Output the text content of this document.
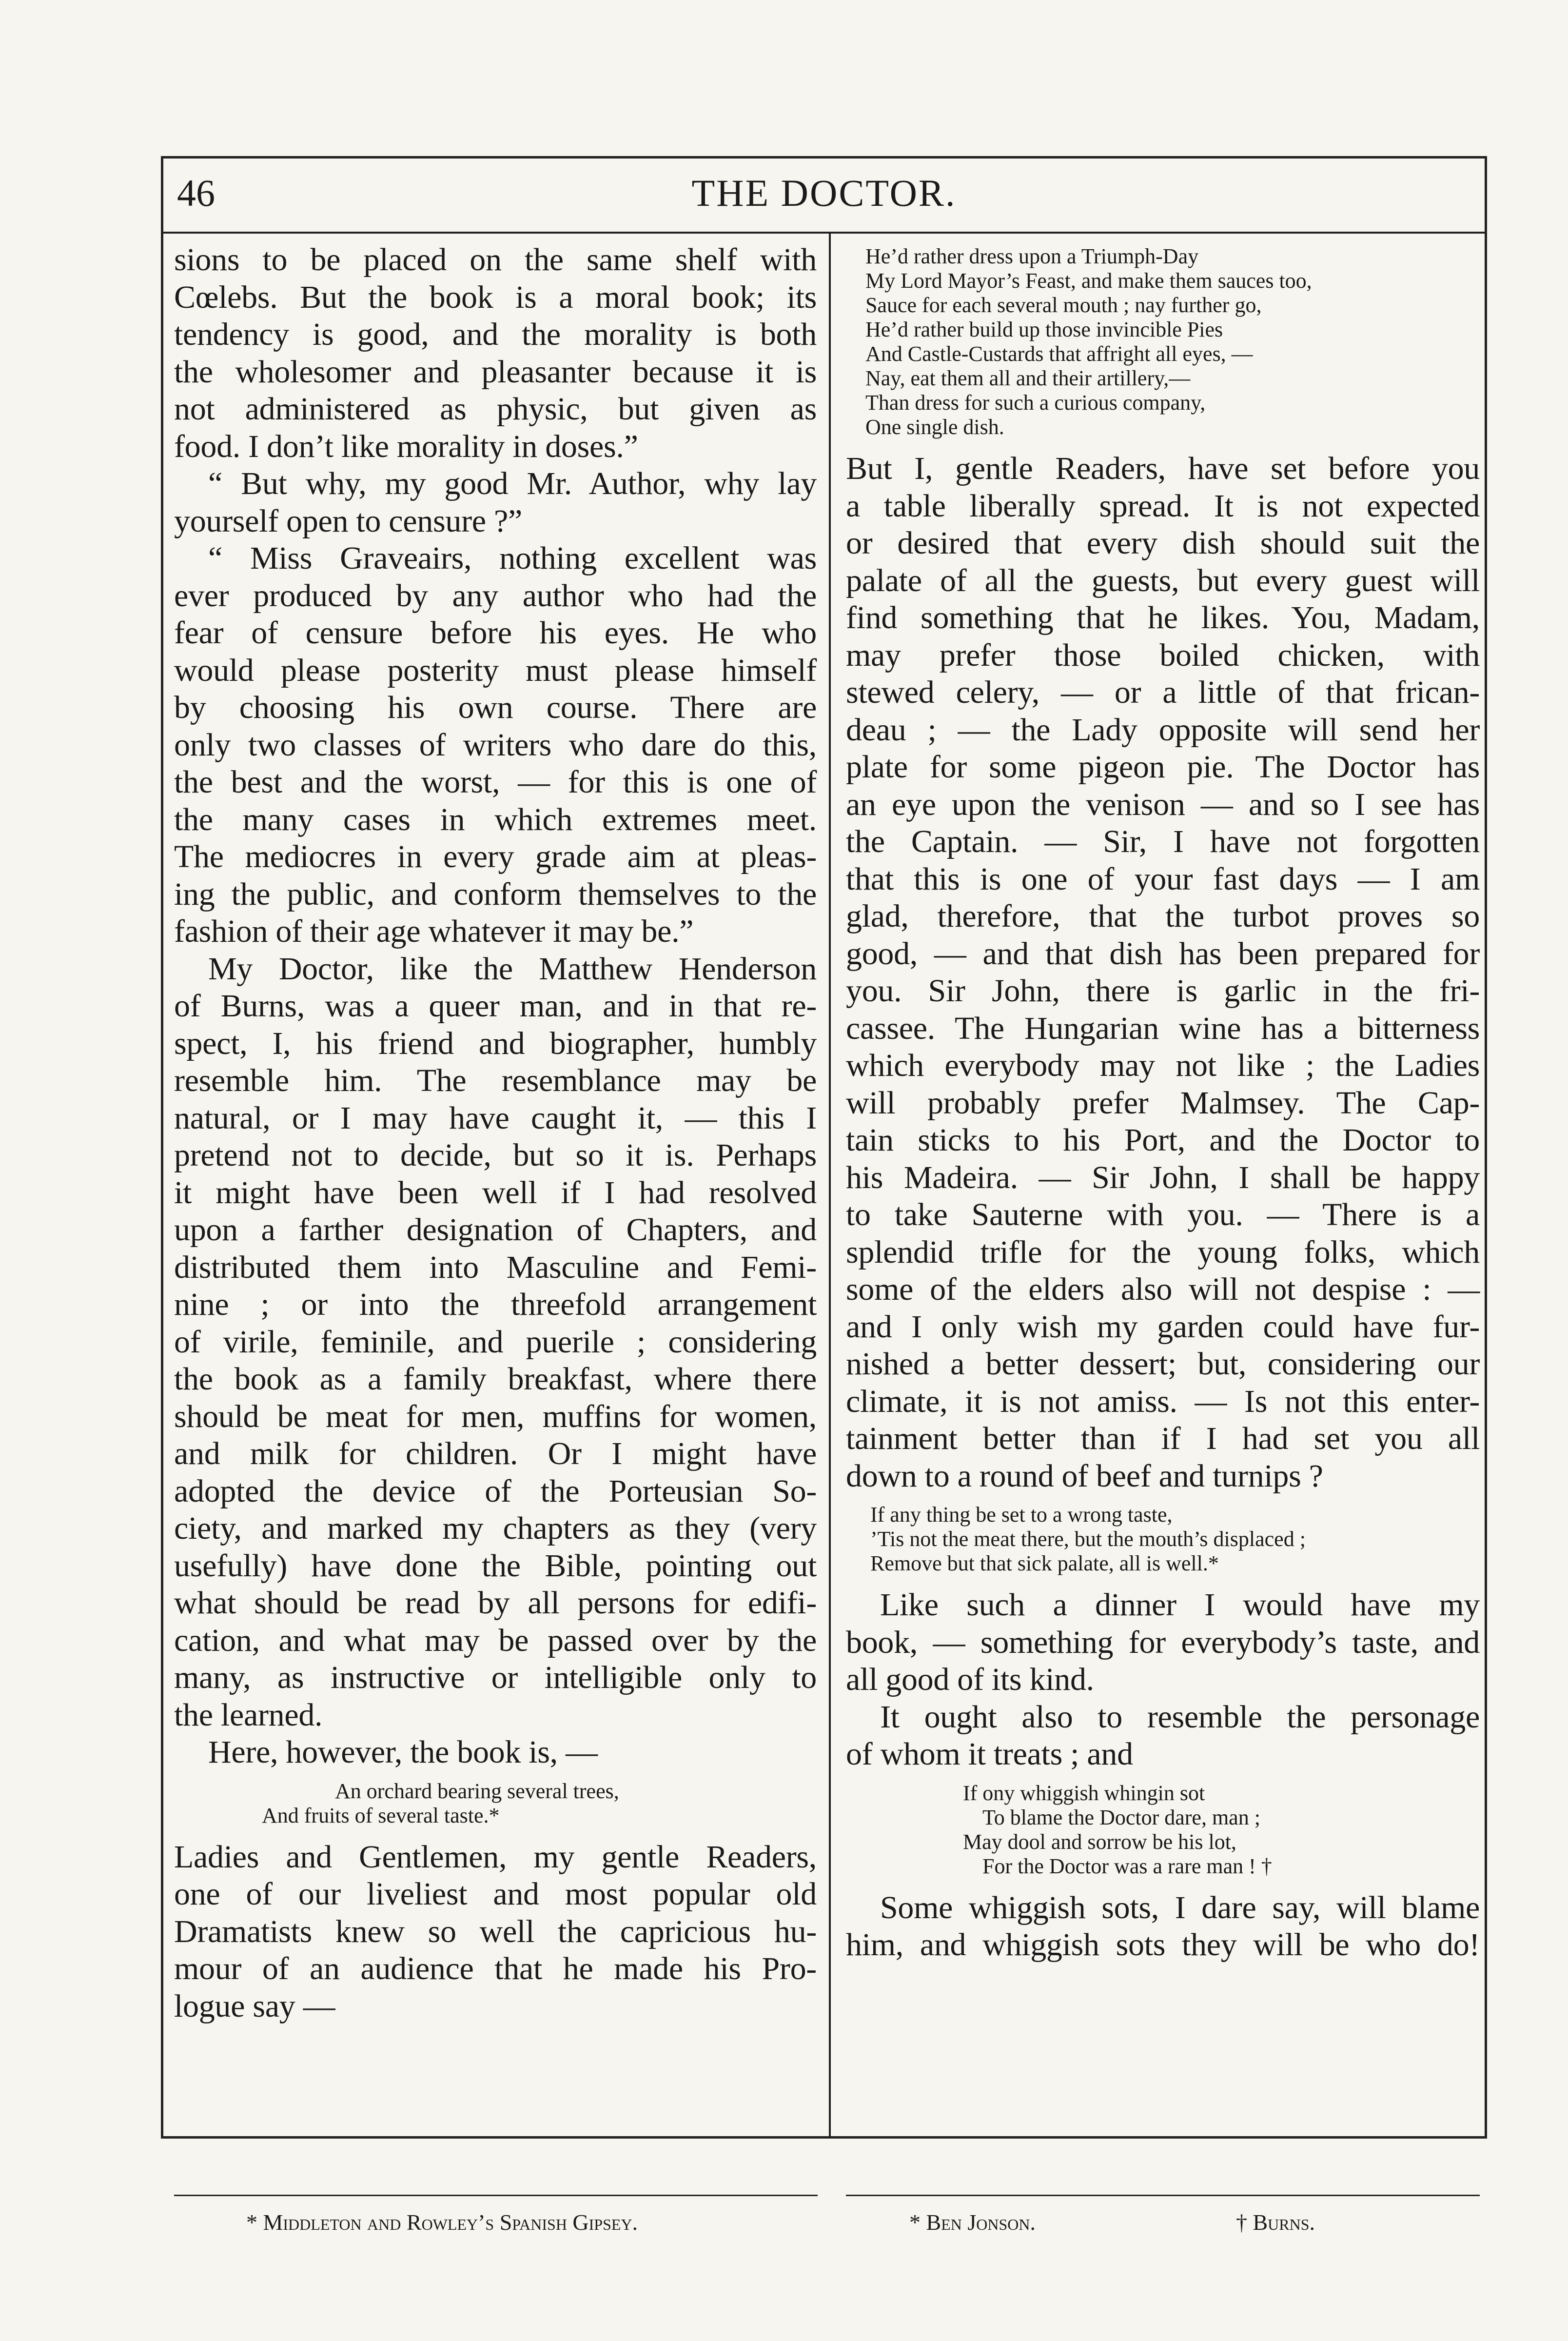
46	THE DOCTOR.
sions to be placed on the same shelf with
Cœlebs. But the book is a moral book; its
tendency is good, and the morality is both
the wholesomer and pleasanter because it is
not administered as physic, but given as
food. I don’t like morality in doses.”
“ But why, my good Mr. Author, why lay
yourself open to censure ?”
“ Miss Graveairs, nothing excellent was
ever produced by any author who had the
fear of censure before his eyes. He who
would please posterity must please himself
by choosing his own course. There are
only two classes of writers who dare do this,
the best and the worst, — for this is one of
the many cases in which extremes meet.
The mediocres in every grade aim at pleas-
ing the public, and conform themselves to the
fashion of their age whatever it may be.”
My Doctor, like the Matthew Henderson
of Burns, was a queer man, and in that re-
spect, I, his friend and biographer, humbly
resemble him. The resemblance may be
natural, or I may have caught it, — this I
pretend not to decide, but so it is. Perhaps
it might have been well if I had resolved
upon a farther designation of Chapters, and
distributed them into Masculine and Femi-
nine ; or into the threefold arrangement
of virile, feminile, and puerile ; considering
the book as a family breakfast, where there
should be meat for men, muffins for women,
and milk for children. Or I might have
adopted the device of the Porteusian So-
ciety, and marked my chapters as they (very
usefully) have done the Bible, pointing out
what should be read by all persons for edifi-
cation, and what may be passed over by the
many, as instructive or intelligible only to
the learned.
Here, however, the book is, —
An orchard bearing several trees,
And fruits of several taste.*
Ladies and Gentlemen, my gentle Readers,
one of our liveliest and most popular old
Dramatists knew so well the capricious hu-
mour of an audience that he made his Pro-
logue say —
He’d rather dress upon a Triumph-Day
My Lord Mayor’s Feast, and make them sauces too,
Sauce for each several mouth ; nay further go,
He’d rather build up those invincible Pies
And Castle-Custards that affright all eyes, —
Nay, eat them all and their artillery,—
Than dress for such a curious company,
One single dish.
But I, gentle Readers, have set before you
a table liberally spread. It is not expected
or desired that every dish should suit the
palate of all the guests, but every guest will
find something that he likes. You, Madam,
may prefer those boiled chicken, with
stewed celery, — or a little of that frican-
deau ; — the Lady opposite will send her
plate for some pigeon pie. The Doctor has
an eye upon the venison — and so I see has
the Captain. — Sir, I have not forgotten
that this is one of your fast days — I am
glad, therefore, that the turbot proves so
good, — and that dish has been prepared for
you. Sir John, there is garlic in the fri-
cassee. The Hungarian wine has a bitterness
which everybody may not like ; the Ladies
will probably prefer Malmsey. The Cap-
tain sticks to his Port, and the Doctor to
his Madeira. — Sir John, I shall be happy
to take Sauterne with you. — There is a
splendid trifle for the young folks, which
some of the elders also will not despise : —
and I only wish my garden could have fur-
nished a better dessert; but, considering our
climate, it is not amiss. — Is not this enter-
tainment better than if I had set you all
down to a round of beef and turnips ?
If any thing be set to a wrong taste,
’Tis not the meat there, but the mouth’s displaced ;
Remove but that sick palate, all is well.*
Like such a dinner I would have my
book, — something for everybody’s taste, and
all good of its kind.
It ought also to resemble the personage
of whom it treats ; and
If ony whiggish whingin sot
To blame the Doctor dare, man ;
May dool and sorrow be his lot,
For the Doctor was a rare man ! †
Some whiggish sots, I dare say, will blame
him, and whiggish sots they will be who do!
* Middleton and Rowley’s Spanish Gipsey.	* Ben Jonson.	† Burns.
